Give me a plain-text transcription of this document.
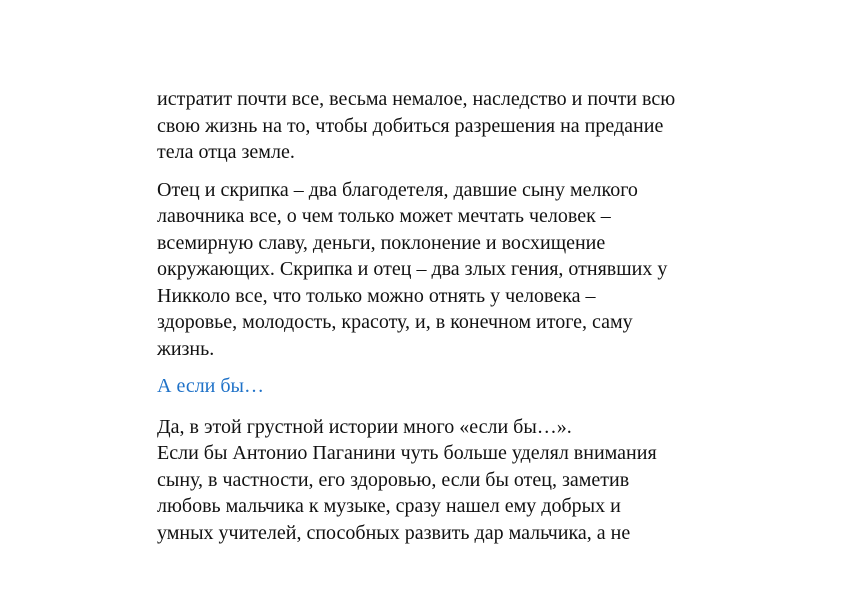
истратит почти все, весьма немалое, наследство и почти всю
свою жизнь на то, чтобы добиться разрешения на предание
тела отца земле.
Отец и скрипка – два благодетеля, давшие сыну мелкого
лавочника все, о чем только может мечтать человек –
всемирную славу, деньги, поклонение и восхищение
окружающих. Скрипка и отец – два злых гения, отнявших у
Никколо все, что только можно отнять у человека –
здоровье, молодость, красоту, и, в конечном итоге, саму
жизнь.
А если бы…
Да, в этой грустной истории много «если бы…».
Если бы Антонио Паганини чуть больше уделял внимания
сыну, в частности, его здоровью, если бы отец, заметив
любовь мальчика к музыке, сразу нашел ему добрых и
умных учителей, способных развить дар мальчика, а не
